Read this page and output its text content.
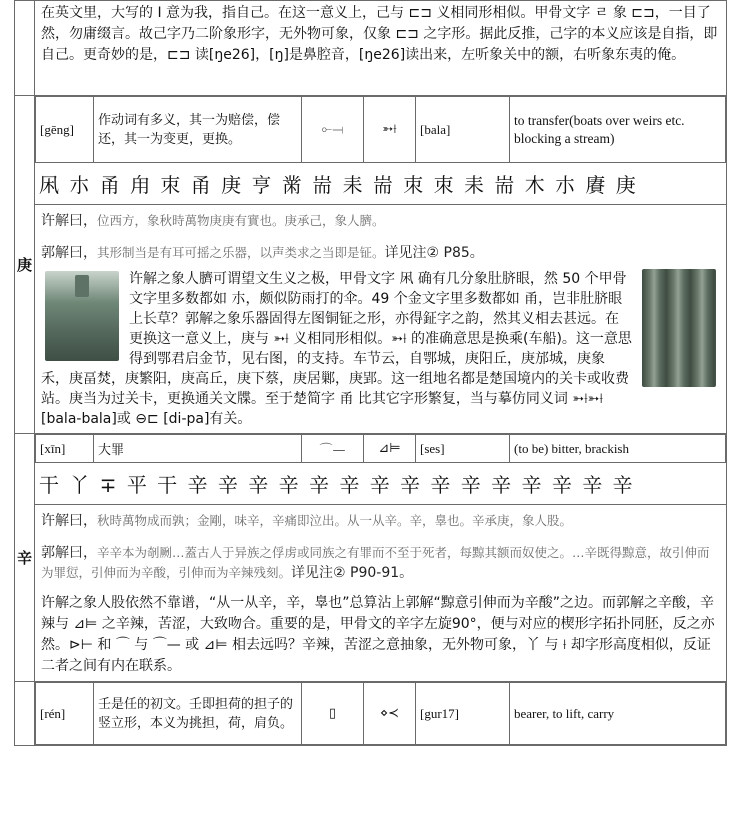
在英文里，大写的 I 意为我，指自己。在这一意义上，己与 ⊏⊐ 义相同形相似。甲骨文字 ㄹ 象 ⊏⊐，一目了然，勿庸缀言。故己字乃二阶象形字，无外物可象，仅象 ⊏⊐ 之字形。据此反推，己字的本义应该是自指，即自己。更奇妙的是，⊏⊐ 读[ŋe26]，[ŋ]是鼻腔音，[ŋe26]读出来，左听象关中的额，右听象东夷的俺。

庚	
[gēng]	作动词有多义，其一为赔偿，偿还，其一为变更，更换。	⟜⟞	➳⟊	[bala]	to transfer(boats over weirs etc. blocking a stream)
凩 朩 甬 甪 朿 甬 庚 亨 黹 耑 耒 耑 朿 朿 耒 耑 木 朩 賡 庚
许解曰，位西方，象秋時萬物庚庚有實也。庚承己，象人臍。
郭解曰，其形制当是有耳可摇之乐器，以声类求之当即是钲。详见注② P85。
许解之象人臍可谓望文生义之极，甲骨文字 凩 确有几分象肚脐眼，然 50 个甲骨文字里多数都如 朩，颇似防雨打的伞。49 个金文字里多数都如 甬，岂非肚脐眼上长草？郭解之象乐器固得左图铜钲之形，亦得鉦字之韵，然其义相去甚远。在更换这一意义上，庚与 ➳⟊ 义相同形相似。➳⟊ 的准确意思是换乘(车船)。这一意思得到鄂君启金节，见右图，的支持。车节云，自鄂城，庚阳丘，庚邡城，庚象禾，庚畐焚，庚繁阳，庚高丘，庚下蔡，庚居鄛，庚郢。这一组地名都是楚国境内的关卡或收费站。庚当为过关卡，更换通关文牒。至于楚简字 甬 比其它字形繁复，当与摹仿同义词 ➳⟊➳⟊ [bala-bala]或 ⊖⊏ [di-pa]有关。

辛	
[xīn]	大罪	⌒—	⊿⊨	[ses]	(to be) bitter, brackish
干 丫 ∓ 平 干 辛 辛 辛 辛 辛 辛 辛 辛 辛 辛 辛 辛 辛 辛 辛
许解曰，秋時萬物成而孰；金剛，味辛，辛痛即泣出。从一从辛。辛，辠也。辛承庚，象人股。
郭解曰，辛辛本为剞劂…蓋古人于异族之俘虏或同族之有罪而不至于死者，每黥其额而奴使之。…辛既得黥意，故引伸而为罪愆，引伸而为辛酸，引伸而为辛辣残刻。详见注② P90-91。
许解之象人股依然不靠谱，“从一从辛，辛，辠也”总算沾上郭解“黥意引伸而为辛酸”之边。而郭解之辛酸，辛辣与 ⊿⊨ 之辛辣，苦涩，大致吻合。重要的是，甲骨文的辛字左旋90°，便与对应的楔形字拓扑同胚，反之亦然。⊳⊢ 和 ⌒ 与 ⌒— 或 ⊿⊨ 相去远吗？辛辣，苦涩之意抽象，无外物可象，丫 与 ⟊ 却字形高度相似，反证二者之间有内在联系。

[rén]	壬是任的初文。壬即担荷的担子的竖立形，本义为挑担，荷，肩负。	▯	⋄≺	[gur17]	bearer, to lift, carry
